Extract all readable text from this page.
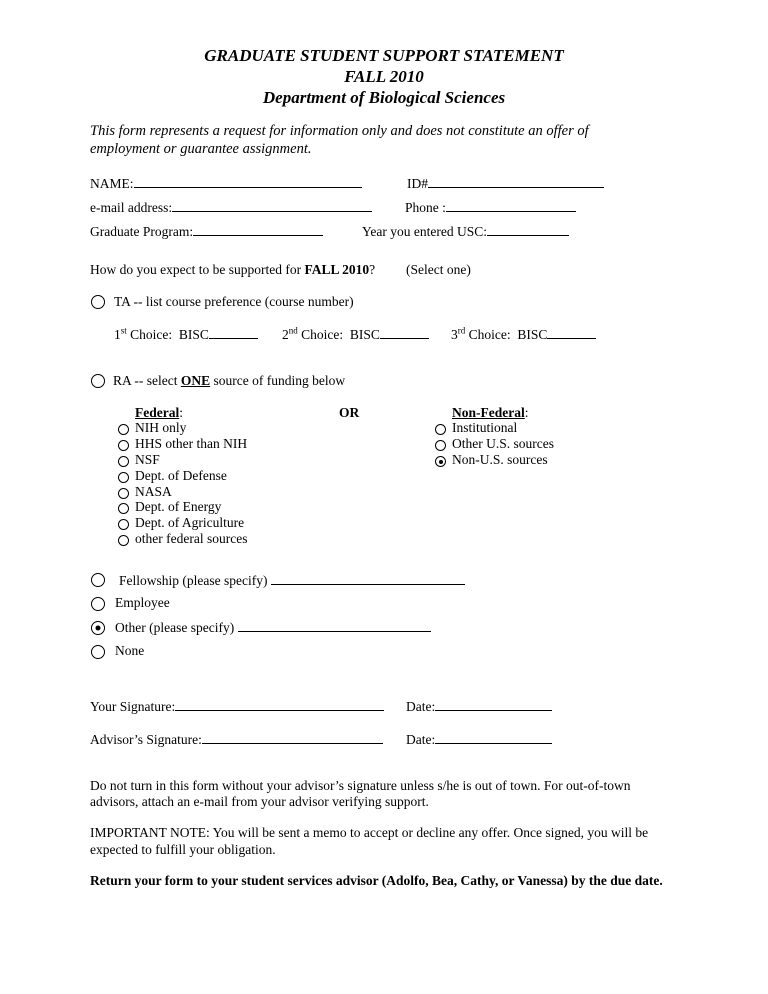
GRADUATE STUDENT SUPPORT STATEMENT
FALL 2010
Department of Biological Sciences
This form represents a request for information only and does not constitute an offer of
employment or guarantee assignment.
NAME:	ID#
e-mail address:	Phone :
Graduate Program:	Year you entered USC:
How do you expect to be supported for FALL 2010? (Select one)
TA -- list course preference (course number)
1st Choice: BISC	2nd Choice: BISC	3rd Choice: BISC
RA -- select ONE source of funding below
Federal:	OR	Non-Federal:
NIH only
HHS other than NIH
NSF
Dept. of Defense
NASA
Dept. of Energy
Dept. of Agriculture
other federal sources
Institutional
Other U.S. sources
Non-U.S. sources
Fellowship (please specify)
Employee
Other (please specify)
None
Your Signature:	Date:
Advisor’s Signature:	Date:
Do not turn in this form without your advisor’s signature unless s/he is out of town. For out-of-town
advisors, attach an e-mail from your advisor verifying support.
IMPORTANT NOTE: You will be sent a memo to accept or decline any offer. Once signed, you will be
expected to fulfill your obligation.
Return your form to your student services advisor (Adolfo, Bea, Cathy, or Vanessa) by the due date.
